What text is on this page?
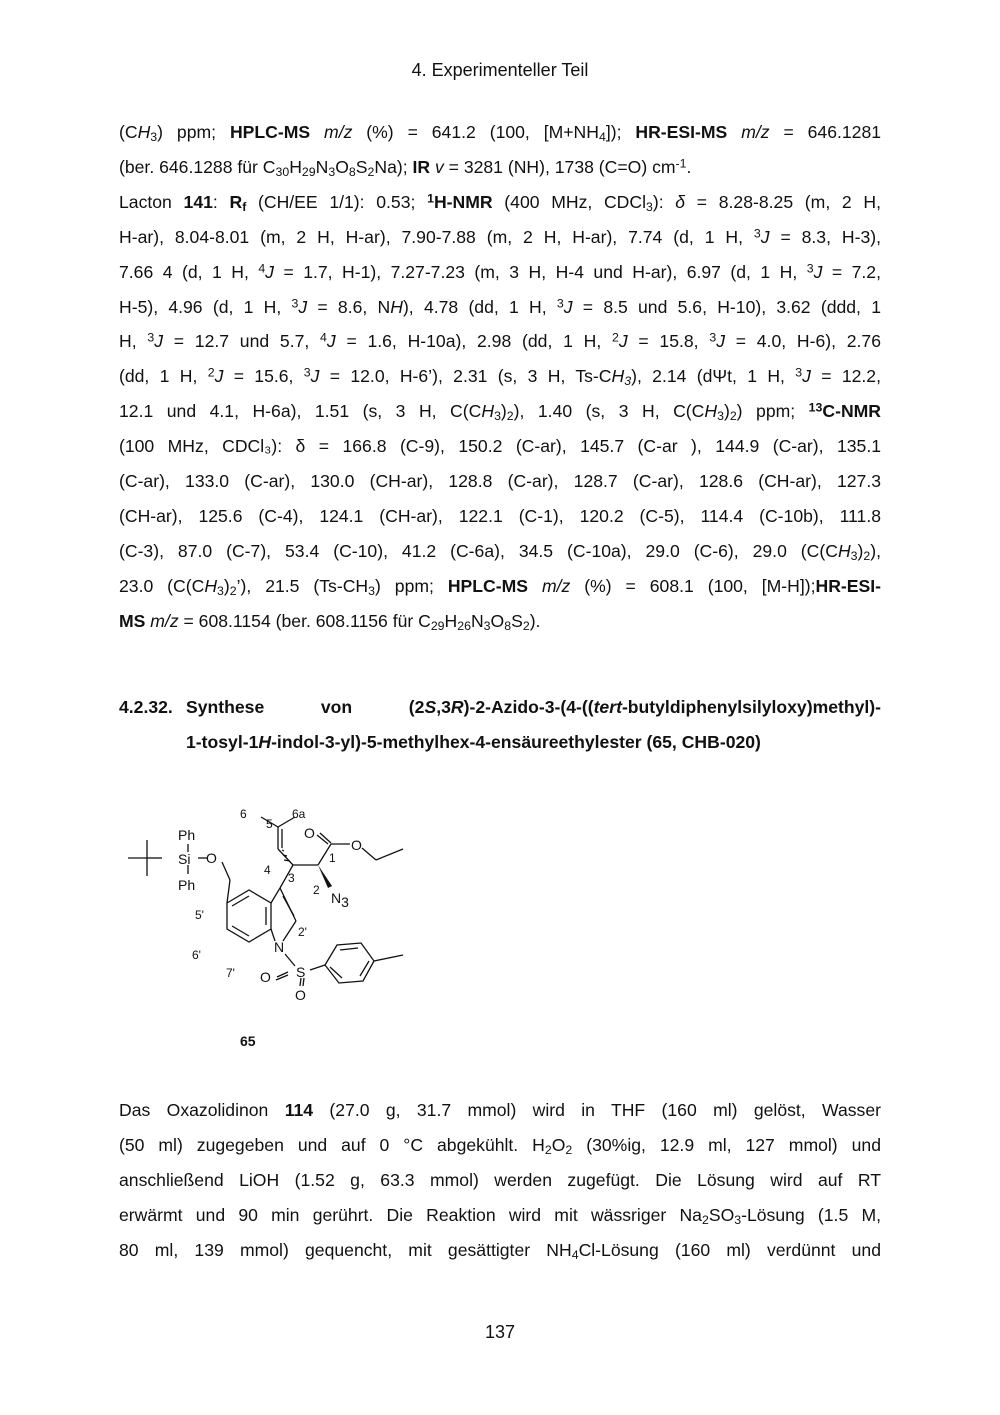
4. Experimenteller Teil
$(CH_3)$ ppm; HPLC-MS m/z (%) = 641.2 (100, $[M+NH_4]$); HR-ESI-MS m/z = 646.1281
(ber. 646.1288 für $C_{30}H_{29}N_3O_8S_2Na$); IR v = 3281 (NH), 1738 (C=O) $cm^{-1}$.
Lacton 141: $R_f$ (CH/EE 1/1): 0.53; $^1$H-NMR (400 MHz, CDCl$_3$): δ = 8.28-8.25 (m, 2 H,
H-ar), 8.04-8.01 (m, 2 H, H-ar), 7.90-7.88 (m, 2 H, H-ar), 7.74 (d, 1 H, $^3$J = 8.3, H-3),
7.66 4 (d, 1 H, $^4$J = 1.7, H-1), 7.27-7.23 (m, 3 H, H-4 und H-ar), 6.97 (d, 1 H, $^3$J = 7.2,
H-5), 4.96 (d, 1 H, $^3$J = 8.6, NH), 4.78 (dd, 1 H, $^3$J = 8.5 und 5.6, H-10), 3.62 (ddd, 1
H, $^3$J = 12.7 und 5.7, $^4$J = 1.6, H-10a), 2.98 (dd, 1 H, $^2$J = 15.8, $^3$J = 4.0, H-6), 2.76
(dd, 1 H, $^2$J = 15.6, $^3$J = 12.0, H-6’), 2.31 (s, 3 H, $Ts-CH_3$), 2.14 (dΨt, 1 H, $^3$J = 12.2,
12.1 und 4.1, H-6a), 1.51 (s, 3 H, $C(CH_3)_2$), 1.40 (s, 3 H, $C(CH_3)_2$) ppm; $^{13}$C-NMR
(100 MHz, CDCl₃): δ = 166.8 (C-9), 150.2 (C-ar), 145.7 (C-ar ), 144.9 (C-ar), 135.1
(C-ar), 133.0 (C-ar), 130.0 (CH-ar), 128.8 (C-ar), 128.7 (C-ar), 128.6 (CH-ar), 127.3
(CH-ar), 125.6 (C-4), 124.1 (CH-ar), 122.1 (C-1), 120.2 (C-5), 114.4 (C-10b), 111.8
(C-3), 87.0 (C-7), 53.4 (C-10), 41.2 (C-6a), 34.5 (C-10a), 29.0 (C-6), 29.0 $(C(CH_3)_2)$,
23.0 $(C(CH_3)_2’)$, 21.5 $(Ts-CH_3)$ ppm; HPLC-MS m/z (%) = 608.1 (100, [M-H]);HR-ESI-
MS m/z = 608.1154 (ber. 608.1156 für $C_{29}H_{26}N_3O_8S_2$).
4.2.32. Synthese von (2S,3R)-2-Azido-3-(4-((tert-butyldiphenylsilyloxy)methyl)-
1-tosyl-1H-indol-3-yl)-5-methylhex-4-ensäureethylester (65, CHB-020)
Ph
Si
Ph
O
O
O
N
S
O
O
N3
6
5
6a
4
3
1
2
2'
5'
6'
7'
65
Das Oxazolidinon 114 (27.0 g, 31.7 mmol) wird in THF (160 ml) gelöst, Wasser
(50 ml) zugegeben und auf 0 °C abgekühlt. $H_2O_2$ (30%ig, 12.9 ml, 127 mmol) und
anschließend LiOH (1.52 g, 63.3 mmol) werden zugefügt. Die Lösung wird auf RT
erwärmt und 90 min gerührt. Die Reaktion wird mit wässriger $Na_2SO_3$-Lösung (1.5 M,
80 ml, 139 mmol) gequencht, mit gesättigter $NH_4Cl$-Lösung (160 ml) verdünnt und
137
